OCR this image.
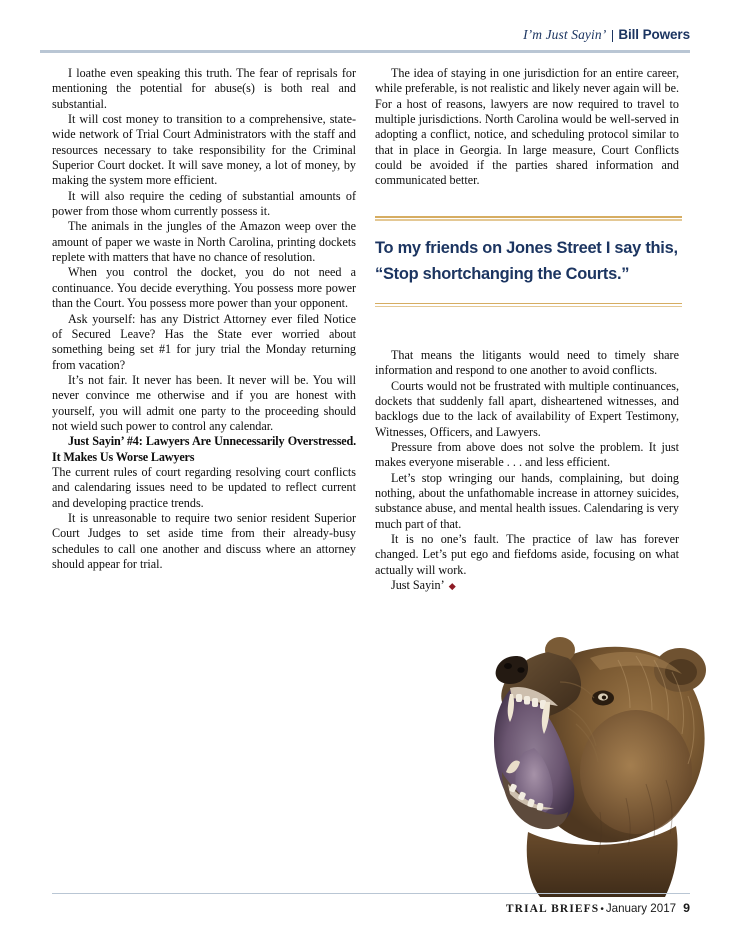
I’m Just Sayin’ Bill Powers

I loathe even speaking this truth. The fear of reprisals for mentioning the potential for abuse(s) is both real and substantial.

It will cost money to transition to a comprehensive, state-wide network of Trial Court Administrators with the staff and resources necessary to take responsibility for the Criminal Superior Court docket. It will save money, a lot of money, by making the system more efficient.

It will also require the ceding of substantial amounts of power from those whom currently possess it.

The animals in the jungles of the Amazon weep over the amount of paper we waste in North Carolina, printing dockets replete with matters that have no chance of resolution.

When you control the docket, you do not need a continuance. You decide everything. You possess more power than the Court. You possess more power than your opponent.

Ask yourself: has any District Attorney ever filed Notice of Secured Leave? Has the State ever worried about something being set #1 for jury trial the Monday returning from vacation?

It’s not fair. It never has been. It never will be. You will never convince me otherwise and if you are honest with yourself, you will admit one party to the proceeding should not wield such power to control any calendar.

Just Sayin’ #4: Lawyers Are Unnecessarily Overstressed. It Makes Us Worse Lawyers

The current rules of court regarding resolving court conflicts and calendaring issues need to be updated to reflect current and developing practice trends.

It is unreasonable to require two senior resident Superior Court Judges to set aside time from their already-busy schedules to call one another and discuss where an attorney should appear for trial.

The idea of staying in one jurisdiction for an entire career, while preferable, is not realistic and likely never again will be. For a host of reasons, lawyers are now required to travel to multiple jurisdictions. North Carolina would be well-served in adopting a conflict, notice, and scheduling protocol similar to that in place in Georgia. In large measure, Court Conflicts could be avoided if the parties shared information and communicated better.

To my friends on Jones Street I say this,
“Stop shortchanging the Courts.”

That means the litigants would need to timely share information and respond to one another to avoid conflicts.

Courts would not be frustrated with multiple continuances, dockets that suddenly fall apart, disheartened witnesses, and backlogs due to the lack of availability of Expert Testimony, Witnesses, Officers, and Lawyers.

Pressure from above does not solve the problem. It just makes everyone miserable . . . and less efficient.

Let’s stop wringing our hands, complaining, but doing nothing, about the unfathomable increase in attorney suicides, substance abuse, and mental health issues. Calendaring is very much part of that.

It is no one’s fault. The practice of law has forever changed. Let’s put ego and fiefdoms aside, focusing on what actually will work.

Just Sayin’

TRIAL BRIEFS• January 2017 9
